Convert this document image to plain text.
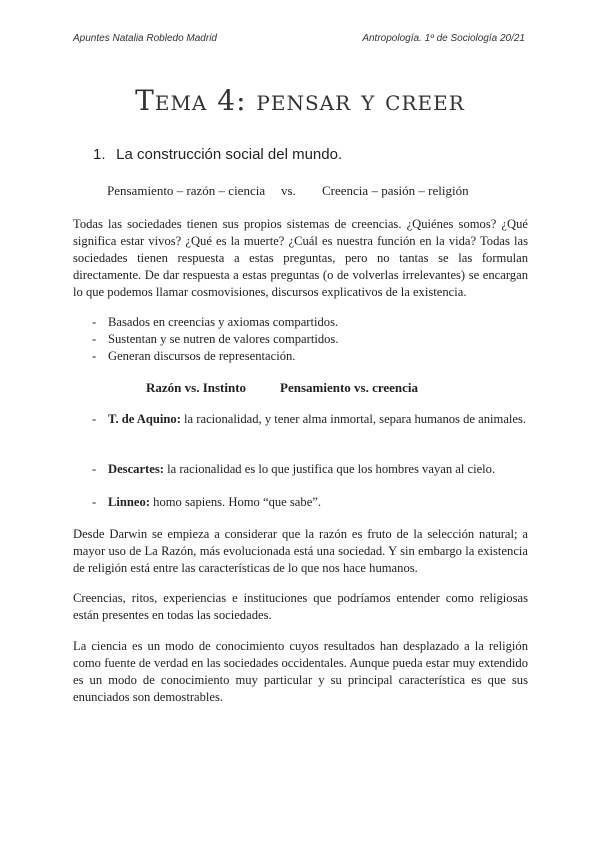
Apuntes Natalia Robledo Madrid	Antropología. 1º de Sociología 20/21
Tema 4: pensar y creer
1. La construcción social del mundo.
Pensamiento – razón – ciencia vs. Creencia – pasión – religión
Todas las sociedades tienen sus propios sistemas de creencias. ¿Quiénes somos? ¿Qué significa estar vivos? ¿Qué es la muerte? ¿Cuál es nuestra función en la vida? Todas las sociedades tienen respuesta a estas preguntas, pero no tantas se las formulan directamente. De dar respuesta a estas preguntas (o de volverlas irrelevantes) se encargan lo que podemos llamar cosmovisiones, discursos explicativos de la existencia.
- Basados en creencias y axiomas compartidos.
- Sustentan y se nutren de valores compartidos.
- Generan discursos de representación.
Razón vs. Instinto	Pensamiento vs. creencia
- T. de Aquino: la racionalidad, y tener alma inmortal, separa humanos de animales.
- Descartes: la racionalidad es lo que justifica que los hombres vayan al cielo.
- Linneo: homo sapiens. Homo “que sabe”.
Desde Darwin se empieza a considerar que la razón es fruto de la selección natural; a mayor uso de La Razón, más evolucionada está una sociedad. Y sin embargo la existencia de religión está entre las características de lo que nos hace humanos.
Creencias, ritos, experiencias e instituciones que podríamos entender como religiosas están presentes en todas las sociedades.
La ciencia es un modo de conocimiento cuyos resultados han desplazado a la religión como fuente de verdad en las sociedades occidentales. Aunque pueda estar muy extendido es un modo de conocimiento muy particular y su principal característica es que sus enunciados son demostrables.
